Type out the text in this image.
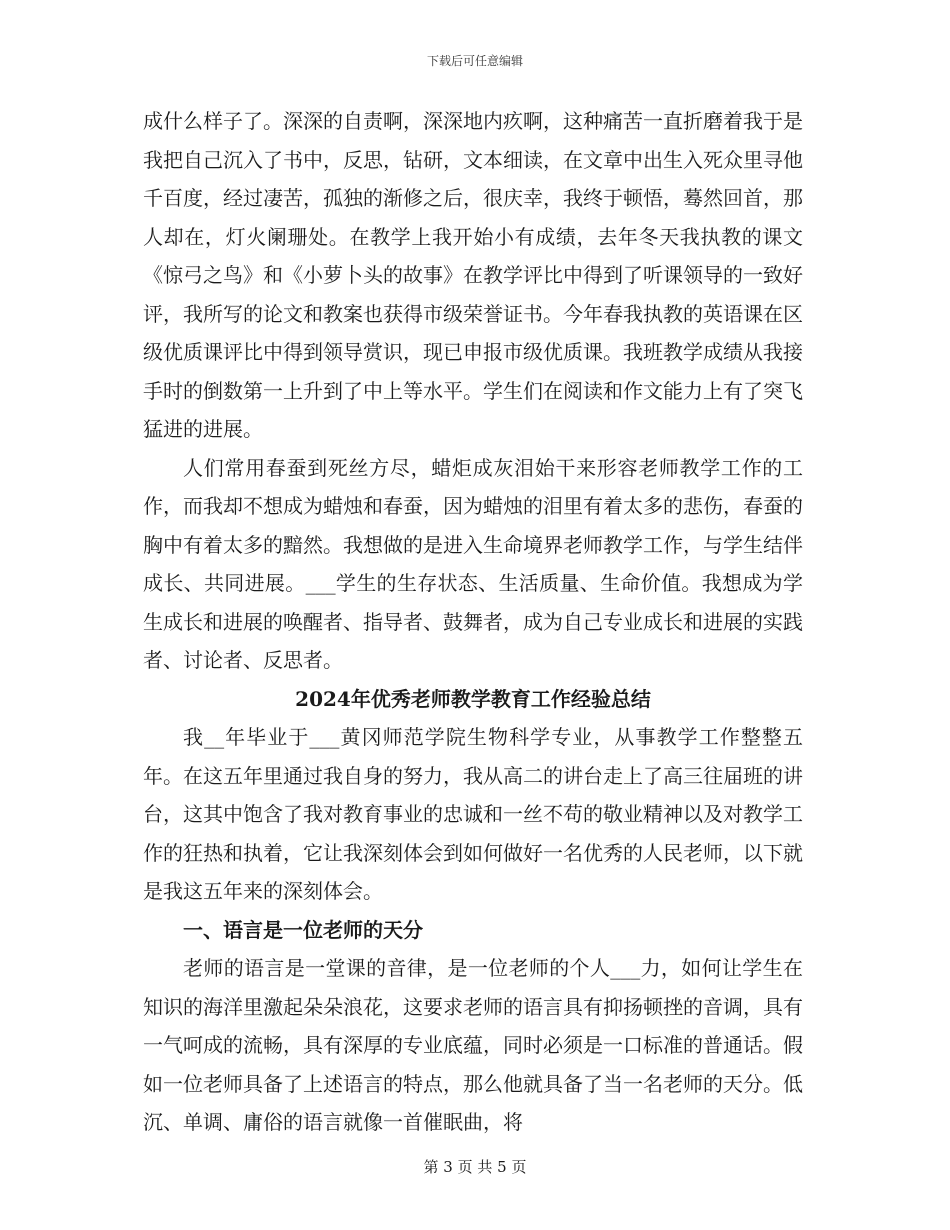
下载后可任意编辑

成什么样子了。深深的自责啊，深深地内疚啊，这种痛苦一直折磨着我于是我把自己沉入了书中，反思，钻研，文本细读，在文章中出生入死众里寻他千百度，经过凄苦，孤独的渐修之后，很庆幸，我终于顿悟，蓦然回首，那人却在，灯火阑珊处。在教学上我开始小有成绩，去年冬天我执教的课文《惊弓之鸟》和《小萝卜头的故事》在教学评比中得到了听课领导的一致好评，我所写的论文和教案也获得市级荣誉证书。今年春我执教的英语课在区级优质课评比中得到领导赏识，现已申报市级优质课。我班教学成绩从我接手时的倒数第一上升到了中上等水平。学生们在阅读和作文能力上有了突飞猛进的进展。

人们常用春蚕到死丝方尽，蜡炬成灰泪始干来形容老师教学工作的工作，而我却不想成为蜡烛和春蚕，因为蜡烛的泪里有着太多的悲伤，春蚕的胸中有着太多的黯然。我想做的是进入生命境界老师教学工作，与学生结伴成长、共同进展。___学生的生存状态、生活质量、生命价值。我想成为学生成长和进展的唤醒者、指导者、鼓舞者，成为自己专业成长和进展的实践者、讨论者、反思者。

2024年优秀老师教学教育工作经验总结

我__年毕业于___黄冈师范学院生物科学专业，从事教学工作整整五年。在这五年里通过我自身的努力，我从高二的讲台走上了高三往届班的讲台，这其中饱含了我对教育事业的忠诚和一丝不苟的敬业精神以及对教学工作的狂热和执着，它让我深刻体会到如何做好一名优秀的人民老师，以下就是我这五年来的深刻体会。

一、语言是一位老师的天分

老师的语言是一堂课的音律，是一位老师的个人___力，如何让学生在知识的海洋里激起朵朵浪花，这要求老师的语言具有抑扬顿挫的音调，具有一气呵成的流畅，具有深厚的专业底蕴，同时必须是一口标准的普通话。假如一位老师具备了上述语言的特点，那么他就具备了当一名老师的天分。低沉、单调、庸俗的语言就像一首催眠曲，将

第 3 页 共 5 页
